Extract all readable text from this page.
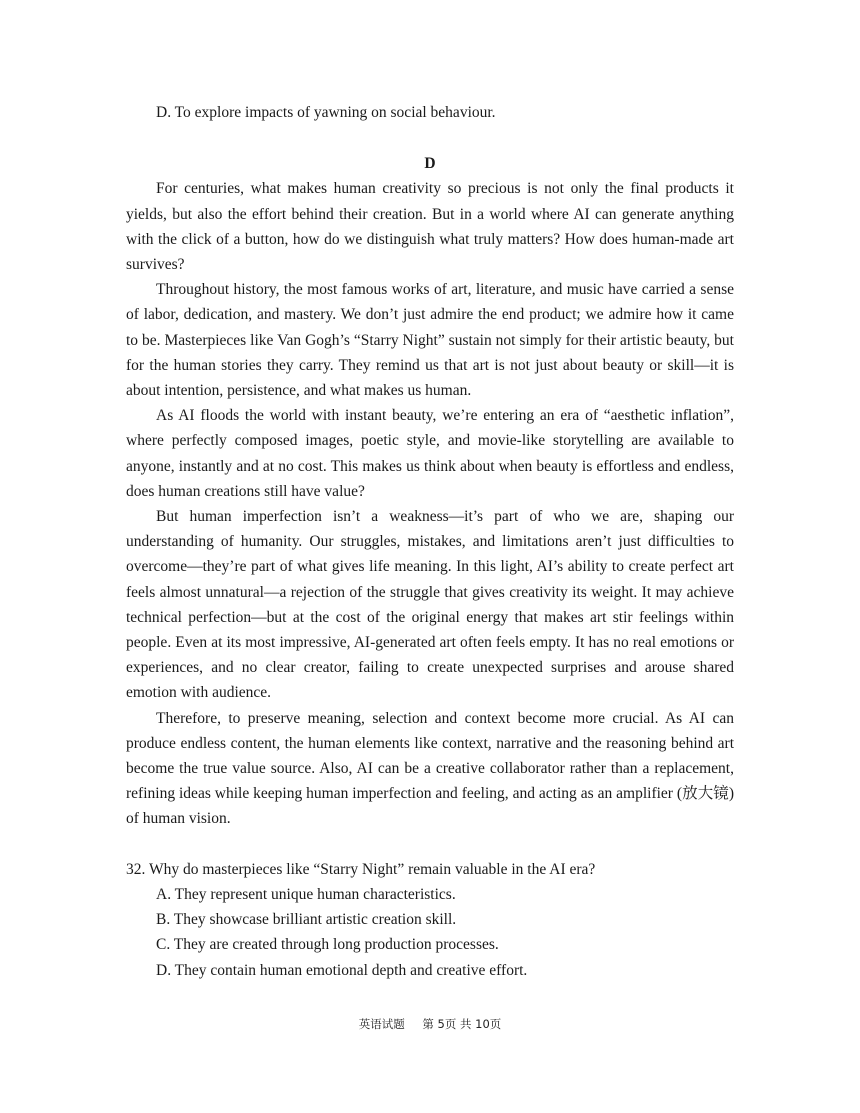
D. To explore impacts of yawning on social behaviour.

D

For centuries, what makes human creativity so precious is not only the final products it yields, but also the effort behind their creation. But in a world where AI can generate anything with the click of a button, how do we distinguish what truly matters? How does human-made art survives?

Throughout history, the most famous works of art, literature, and music have carried a sense of labor, dedication, and mastery. We don’t just admire the end product; we admire how it came to be. Masterpieces like Van Gogh’s “Starry Night” sustain not simply for their artistic beauty, but for the human stories they carry. They remind us that art is not just about beauty or skill—it is about intention, persistence, and what makes us human.

As AI floods the world with instant beauty, we’re entering an era of “aesthetic inflation”, where perfectly composed images, poetic style, and movie-like storytelling are available to anyone, instantly and at no cost. This makes us think about when beauty is effortless and endless, does human creations still have value?

But human imperfection isn’t a weakness—it’s part of who we are, shaping our understanding of humanity. Our struggles, mistakes, and limitations aren’t just difficulties to overcome—they’re part of what gives life meaning. In this light, AI’s ability to create perfect art feels almost unnatural—a rejection of the struggle that gives creativity its weight. It may achieve technical perfection—but at the cost of the original energy that makes art stir feelings within people. Even at its most impressive, AI-generated art often feels empty. It has no real emotions or experiences, and no clear creator, failing to create unexpected surprises and arouse shared emotion with audience.

Therefore, to preserve meaning, selection and context become more crucial. As AI can produce endless content, the human elements like context, narrative and the reasoning behind art become the true value source. Also, AI can be a creative collaborator rather than a replacement, refining ideas while keeping human imperfection and feeling, and acting as an amplifier (放大镜) of human vision.

32. Why do masterpieces like “Starry Night” remain valuable in the AI era?

A. They represent unique human characteristics.

B. They showcase brilliant artistic creation skill.

C. They are created through long production processes.

D. They contain human emotional depth and creative effort.

英语试题 第 5页 共 10页
